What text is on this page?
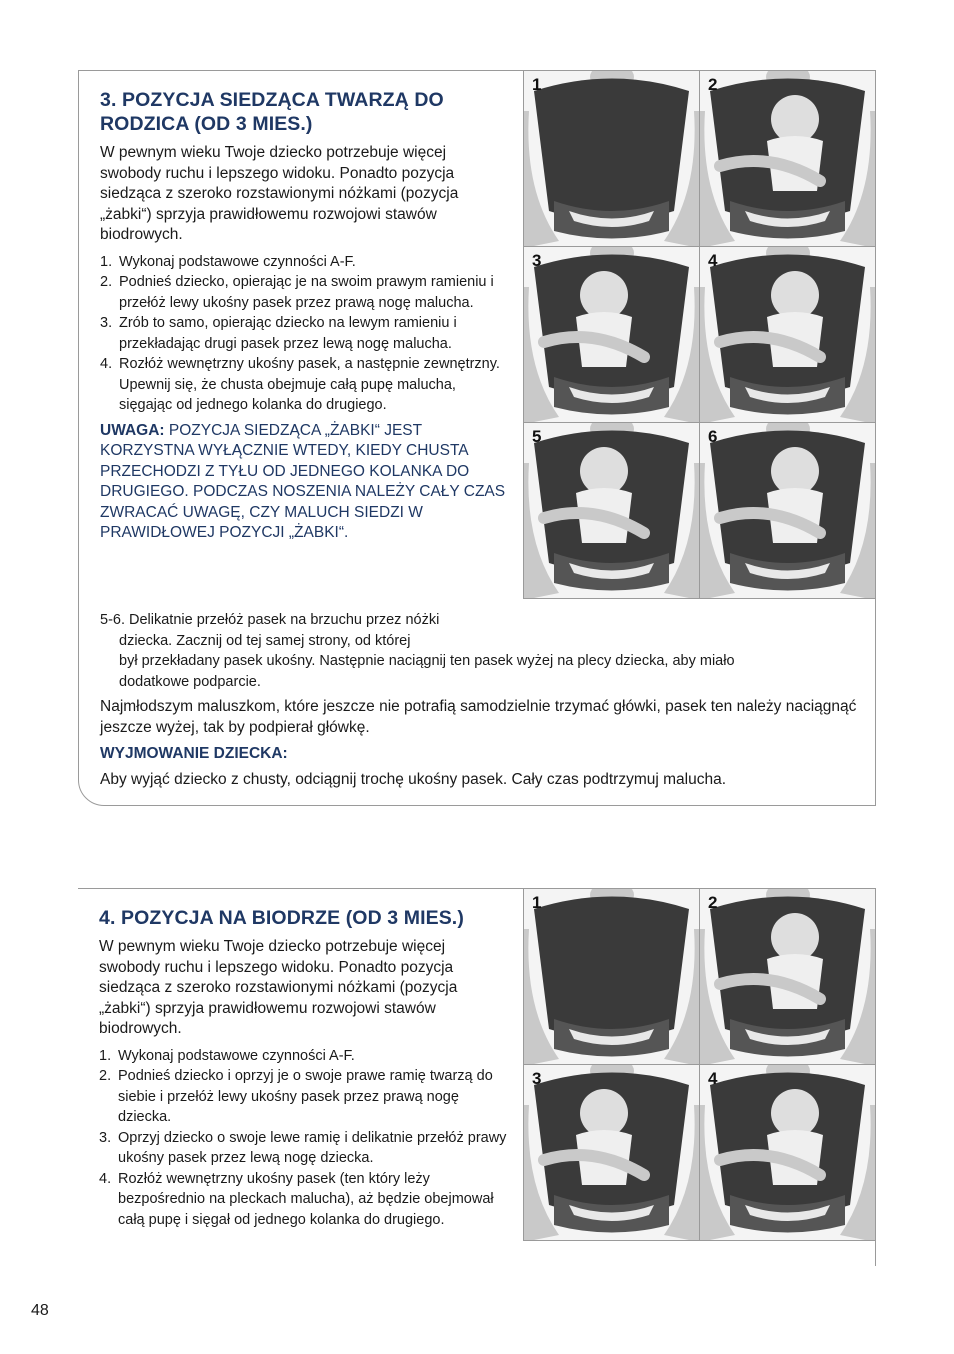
3. POZYCJA SIEDZĄCA TWARZĄ DO
RODZICA (OD 3 MIES.)

W pewnym wieku Twoje dziecko potrzebuje więcej swobody ruchu i lepszego widoku. Ponadto pozycja siedząca z szeroko rozstawionymi nóżkami (pozycja „żabki“) sprzyja prawidłowemu rozwojowi stawów biodrowych.

1. Wykonaj podstawowe czynności A-F.
2. Podnieś dziecko, opierając je na swoim prawym ramieniu i przełóż lewy ukośny pasek przez prawą nogę malucha.
3. Zrób to samo, opierając dziecko na lewym ramieniu i przekładając drugi pasek przez lewą nogę malucha.
4. Rozłóż wewnętrzny ukośny pasek, a następnie zewnętrzny. Upewnij się, że chusta obejmuje całą pupę malucha, sięgając od jednego kolanka do drugiego.

UWAGA: POZYCJA SIEDZĄCA „ŻABKI“ JEST KORZYSTNA WYŁĄCZNIE WTEDY, KIEDY CHUSTA PRZECHODZI Z TYŁU OD JEDNEGO KOLANKA DO DRUGIEGO. PODCZAS NOSZENIA NALEŻY CAŁY CZAS ZWRACAĆ UWAGĘ, CZY MALUCH SIEDZI W PRAWIDŁOWEJ POZYCJI „ŻABKI“.

5-6. Delikatnie przełóż pasek na brzuchu przez nóżki
dziecka. Zacznij od tej samej strony, od której
był przekładany pasek ukośny. Następnie naciągnij ten pasek wyżej na plecy dziecka, aby miało
dodatkowe podparcie.
Najmłodszym maluszkom, które jeszcze nie potrafią samodzielnie trzymać główki, pasek ten należy naciągnąć jeszcze wyżej, tak by podpierał główkę.
WYJMOWANIE DZIECKA:
Aby wyjąć dziecko z chusty, odciągnij trochę ukośny pasek. Cały czas podtrzymuj malucha.
1	2
3	4
5	6
4. POZYCJA NA BIODRZE (OD 3 MIES.)

W pewnym wieku Twoje dziecko potrzebuje więcej swobody ruchu i lepszego widoku. Ponadto pozycja siedząca z szeroko rozstawionymi nóżkami (pozycja „żabki“) sprzyja prawidłowemu rozwojowi stawów biodrowych.

1. Wykonaj podstawowe czynności A-F.
2. Podnieś dziecko i oprzyj je o swoje prawe ramię twarzą do siebie i przełóż lewy ukośny pasek przez prawą nogę dziecka.
3. Oprzyj dziecko o swoje lewe ramię i delikatnie przełóż prawy ukośny pasek przez lewą nogę dziecka.
4. Rozłóż wewnętrzny ukośny pasek (ten który leży bezpośrednio na pleckach malucha), aż będzie obejmował całą pupę i sięgał od jednego kolanka do drugiego.
1	2
3	4
48
